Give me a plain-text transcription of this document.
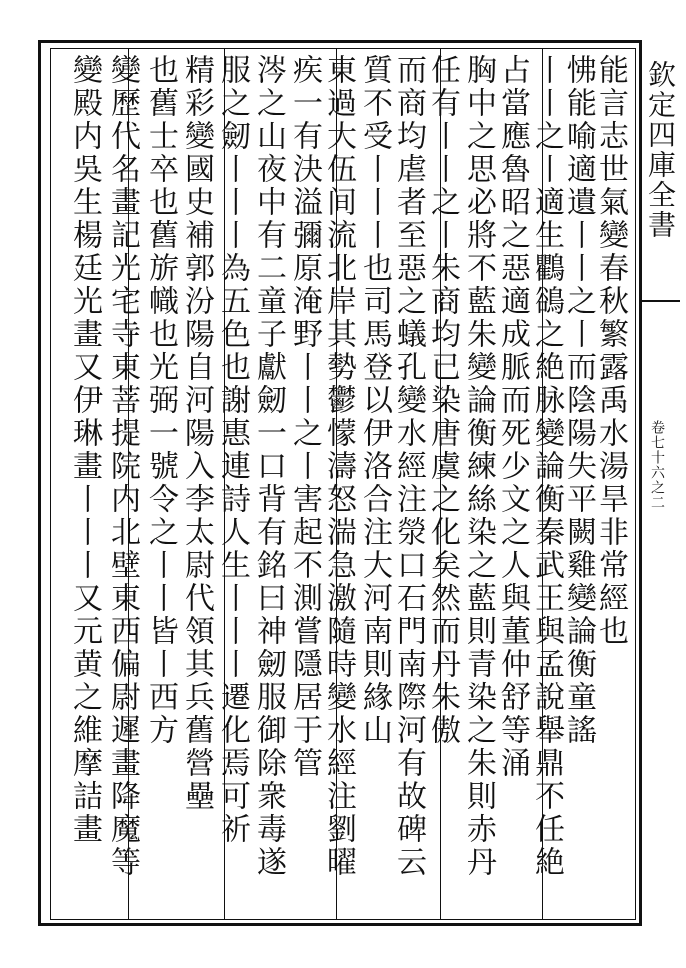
欽定四庫全書
卷七十六之二
能言志世氣變春秋繁露禹水湯旱非常經也
怫能喻適遺丨丨之丨而陰陽失平闕雞變論衡童謠
丨丨之丨適生鸜鵒之絶脉變論衡秦武王與孟說舉鼎不任絶
占當應魯昭之惡適成脈而死少文之人與董仲舒等涌
胸中之思必將不藍朱變論衡練絲染之藍則青染之朱則赤丹
任有丨丨之丨朱商均已染唐虞之化矣然而丹朱傲
而商均虐者至惡之蟻孔變水經注滎口石門南際河有故碑云
質不受丨丨丨也司馬登以伊洛合注大河南則緣山
東過大伍间流北岸其勢鬱懞濤怒湍急激隨時變水經注劉曜
疾一有決溢彌原淹野丨丨之丨害起不測嘗隱居于管
涔之山夜中有二童子獻劒一口背有銘曰神劒服御除衆毒遂
服之劒丨丨丨為五色也謝惠連詩人生丨丨丨遷化焉可祈
精彩變國史補郭汾陽自河陽入李太尉代領其兵舊營壘
也舊士卒也舊旂幟也光弼一號令之丨丨皆丨西方
變歷代名畫記光宅寺東菩提院内北壁東西偏尉遲畫降魔等
變殿内吳生楊廷光畫又伊琳畫丨丨丨又元黄之維摩詰畫
